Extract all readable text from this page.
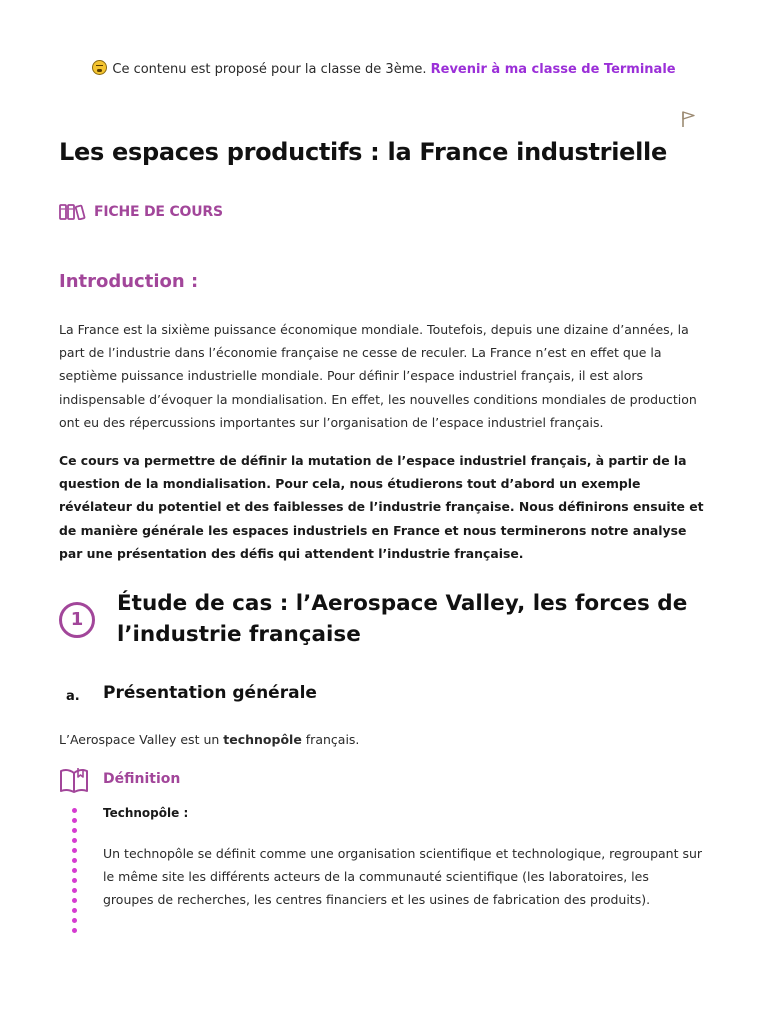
Ce contenu est proposé pour la classe de 3ème. Revenir à ma classe de Terminale
Les espaces productifs : la France industrielle
FICHE DE COURS
Introduction :

La France est la sixième puissance économique mondiale. Toutefois, depuis une dizaine d’années, la part de l’industrie dans l’économie française ne cesse de reculer. La France n’est en effet que la septième puissance industrielle mondiale. Pour définir l’espace industriel français, il est alors indispensable d’évoquer la mondialisation. En effet, les nouvelles conditions mondiales de production ont eu des répercussions importantes sur l’organisation de l’espace industriel français.

Ce cours va permettre de définir la mutation de l’espace industriel français, à partir de la question de la mondialisation. Pour cela, nous étudierons tout d’abord un exemple révélateur du potentiel et des faiblesses de l’industrie française. Nous définirons ensuite et de manière générale les espaces industriels en France et nous terminerons notre analyse par une présentation des défis qui attendent l’industrie française.

1
Étude de cas : l’Aerospace Valley, les forces de l’industrie française
a. Présentation générale

L’Aerospace Valley est un technopôle français.

Définition
Technopôle :

Un technopôle se définit comme une organisation scientifique et technologique, regroupant sur le même site les différents acteurs de la communauté scientifique (les laboratoires, les groupes de recherches, les centres financiers et les usines de fabrication des produits).
